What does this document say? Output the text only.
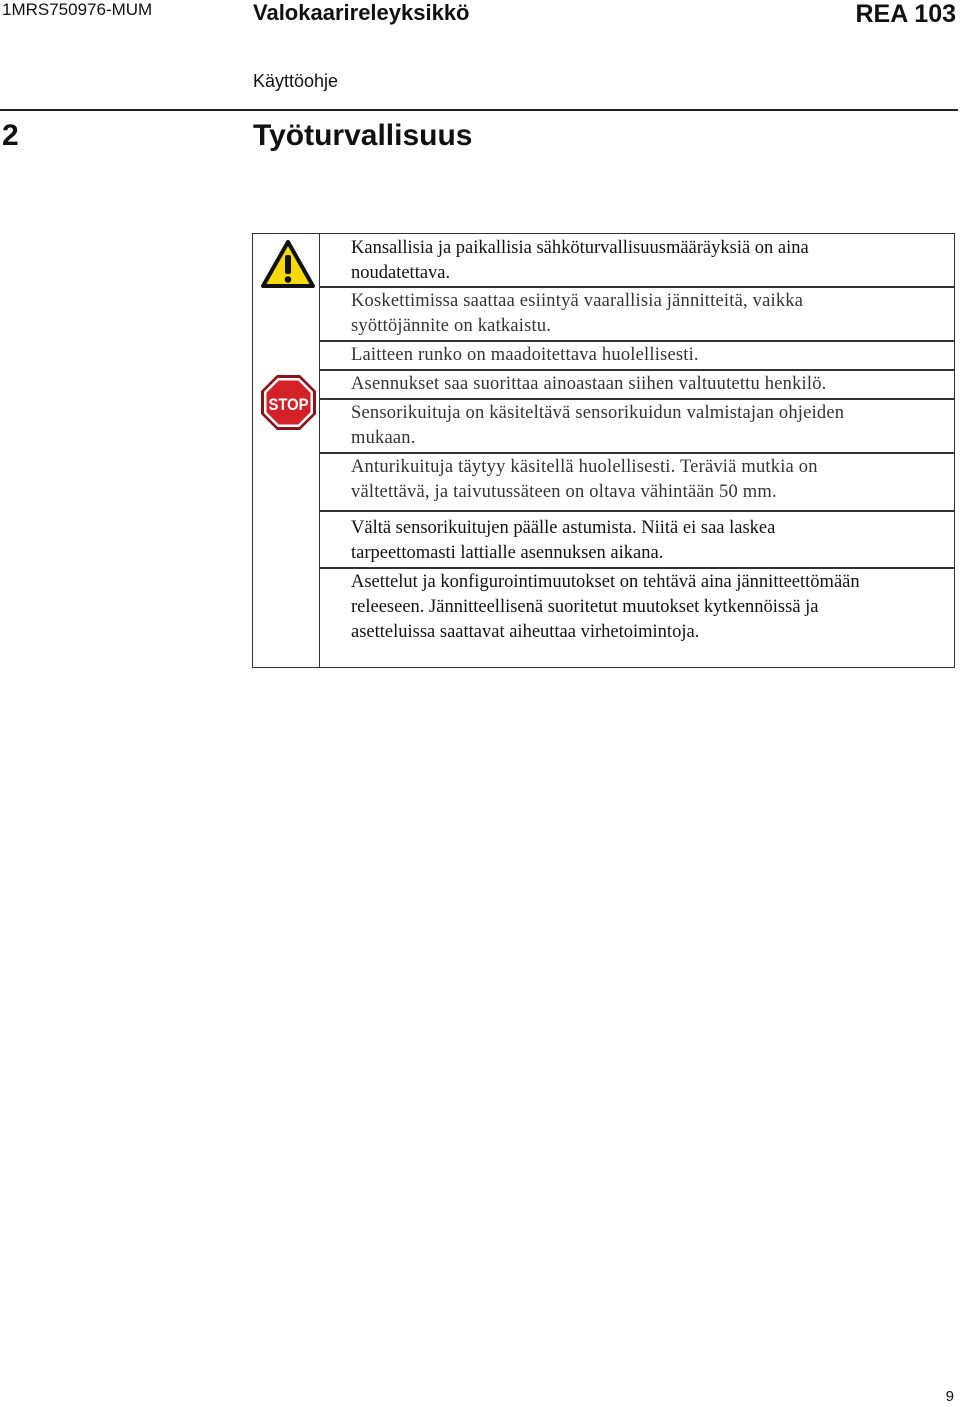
1MRS750976-MUM	Valokaarireleyksikkö	REA 103
Käyttöohje
2	Työturvallisuus
STOP
Kansallisia ja paikallisia sähköturvallisuusmääräyksiä on aina
noudatettava.
Koskettimissa saattaa esiintyä vaarallisia jännitteitä, vaikka
syöttöjännite on katkaistu.
Laitteen runko on maadoitettava huolellisesti.
Asennukset saa suorittaa ainoastaan siihen valtuutettu henkilö.
Sensorikuituja on käsiteltävä sensorikuidun valmistajan ohjeiden
mukaan.
Anturikuituja täytyy käsitellä huolellisesti. Teräviä mutkia on
vältettävä, ja taivutussäteen on oltava vähintään 50 mm.
Vältä sensorikuitujen päälle astumista. Niitä ei saa laskea
tarpeettomasti lattialle asennuksen aikana.
Asettelut ja konfigurointimuutokset on tehtävä aina jännitteettömään
releeseen. Jännitteellisenä suoritetut muutokset kytkennöissä ja
asetteluissa saattavat aiheuttaa virhetoimintoja.
9
